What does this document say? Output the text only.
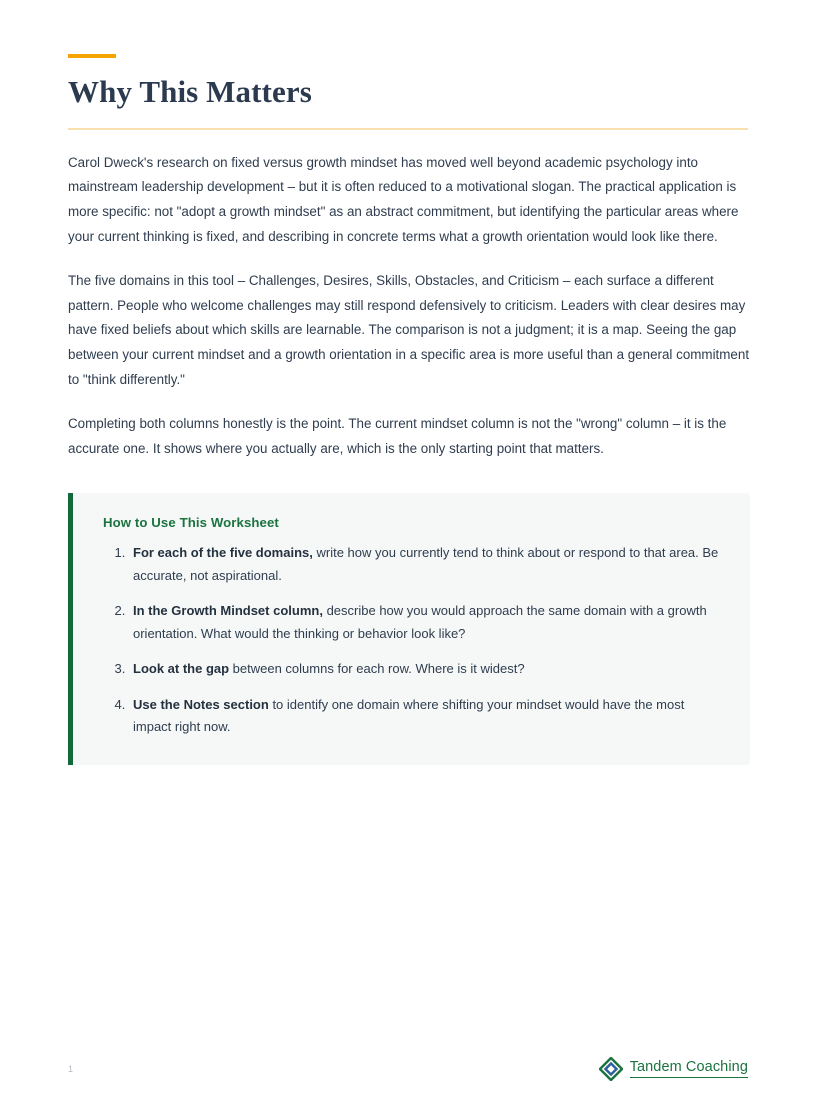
Why This Matters

Carol Dweck's research on fixed versus growth mindset has moved well beyond academic psychology into mainstream leadership development – but it is often reduced to a motivational slogan. The practical application is more specific: not "adopt a growth mindset" as an abstract commitment, but identifying the particular areas where your current thinking is fixed, and describing in concrete terms what a growth orientation would look like there.

The five domains in this tool – Challenges, Desires, Skills, Obstacles, and Criticism – each surface a different pattern. People who welcome challenges may still respond defensively to criticism. Leaders with clear desires may have fixed beliefs about which skills are learnable. The comparison is not a judgment; it is a map. Seeing the gap between your current mindset and a growth orientation in a specific area is more useful than a general commitment to "think differently."

Completing both columns honestly is the point. The current mindset column is not the "wrong" column – it is the accurate one. It shows where you actually are, which is the only starting point that matters.

How to Use This Worksheet
1. For each of the five domains, write how you currently tend to think about or respond to that area. Be accurate, not aspirational.
2. In the Growth Mindset column, describe how you would approach the same domain with a growth orientation. What would the thinking or behavior look like?
3. Look at the gap between columns for each row. Where is it widest?
4. Use the Notes section to identify one domain where shifting your mindset would have the most impact right now.
1	Tandem Coaching
